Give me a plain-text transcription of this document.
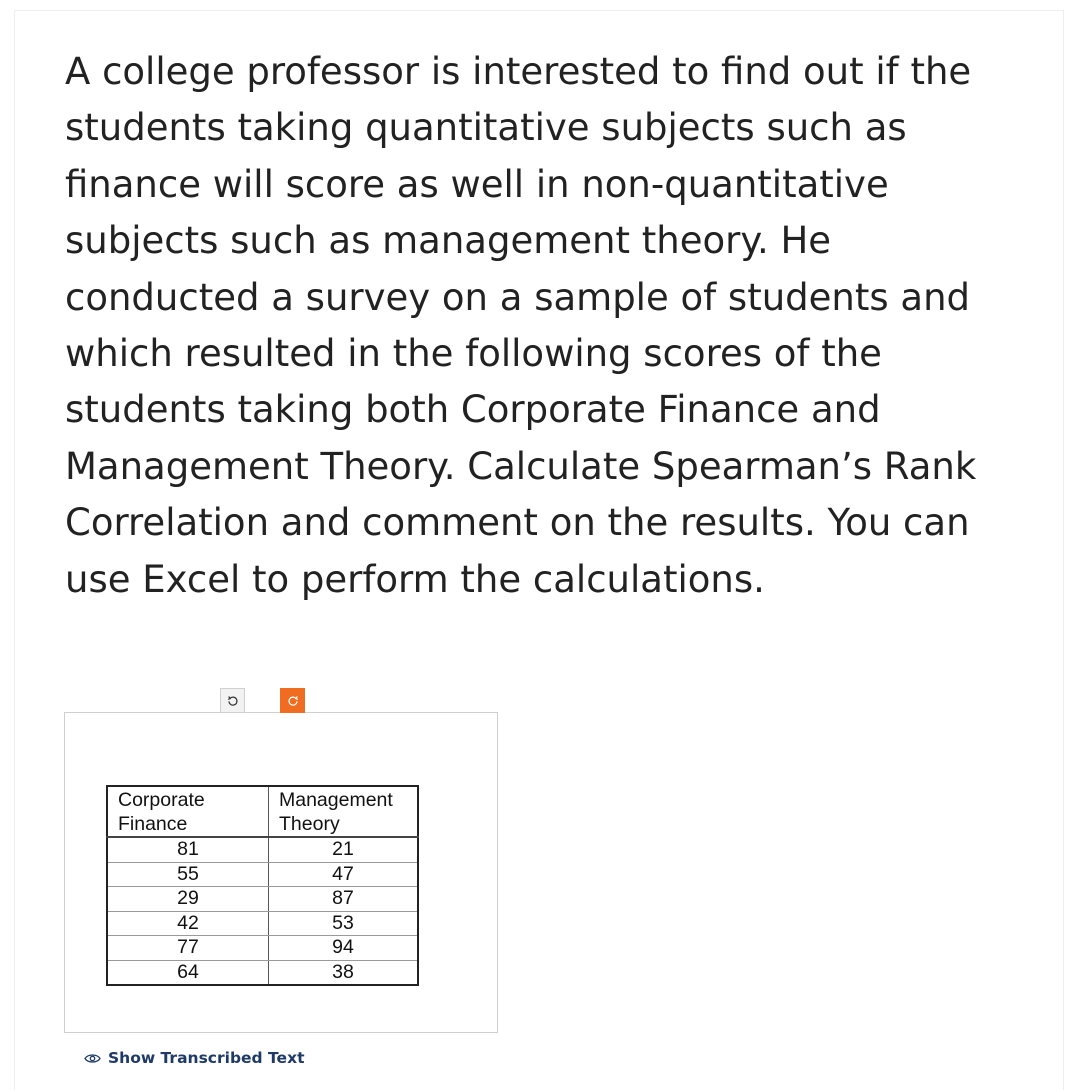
A college professor is interested to find out if the students taking quantitative subjects such as finance will score as well in non-quantitative subjects such as management theory. He conducted a survey on a sample of students and which resulted in the following scores of the students taking both Corporate Finance and Management Theory. Calculate Spearman’s Rank Correlation and comment on the results. You can use Excel to perform the calculations.

Corporate
Finance	Management
Theory
81	21
55	47
29	87
42	53
77	94
64	38
Show Transcribed Text
